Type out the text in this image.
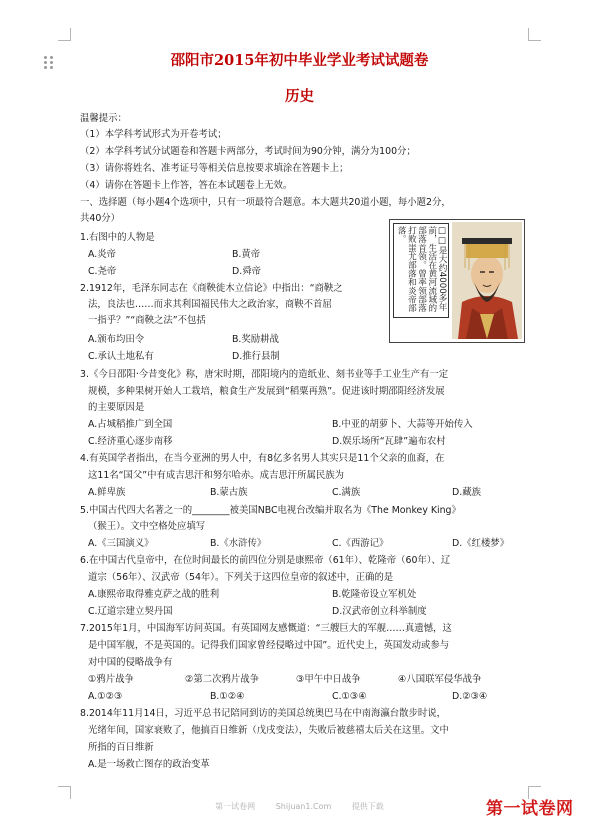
邵阳市2015年初中毕业学业考试试题卷
历史
温馨提示：
（1）本学科考试形式为开卷考试；
（2）本学科考试分试题卷和答题卡两部分，考试时间为90分钟，满分为100分；
（3）请你将姓名、准考证号等相关信息按要求填涂在答题卡上；
（4）请你在答题卡上作答，答在本试题卷上无效。
一、选择题（每小题4个选项中，只有一项最符合题意。本大题共20道小题，每小题2分，
共40分）
□□是大约4000多年前，生活在黄河流域的部落首领。曾率领部落打败蚩尤部落和炎帝部落。
1.右图中的人物是
A.炎帝	B.黄帝
C.尧帝	D.舜帝
2.1912年，毛泽东同志在《商鞅徙木立信论》中指出：“商鞅之
法，良法也……而求其利国福民伟大之政治家，商鞅不首屈
一指乎？”“商鞅之法”不包括
A.颁布均田令	B.奖励耕战
C.承认土地私有	D.推行县制
3.《今日邵阳·今昔变化》称，唐宋时期，邵阳境内的造纸业、刻书业等手工业生产有一定
规模，多种果树开始人工栽培，粮食生产发展到“稻粟再熟”。促进该时期邵阳经济发展
的主要原因是
A.占城稻推广到全国	B.中亚的胡萝卜、大蒜等开始传入
C.经济重心逐步南移	D.娱乐场所“瓦肆”遍布农村
4.有英国学者指出，在当今亚洲的男人中，有8亿多名男人其实只是11个父亲的血裔，在
这11名“国父”中有成吉思汗和努尔哈赤。成吉思汗所属民族为
A.鲜卑族	B.蒙古族	C.满族	D.藏族
5.中国古代四大名著之一的________被美国NBC电视台改编并取名为《The Monkey King》
（猴王）。文中空格处应填写
A.《三国演义》	B.《水浒传》	C.《西游记》	D.《红楼梦》
6.在中国古代皇帝中，在位时间最长的前四位分别是康熙帝（61年）、乾隆帝（60年）、辽
道宗（56年）、汉武帝（54年）。下列关于这四位皇帝的叙述中，正确的是
A.康熙帝取得雅克萨之战的胜利	B.乾隆帝设立军机处
C.辽道宗建立契丹国	D.汉武帝创立科举制度
7.2015年1月，中国海军访问英国。有英国网友感慨道：“三艘巨大的军舰……真遗憾，这
是中国军舰，不是英国的。记得我们国家曾经侵略过中国”。近代史上，英国发动或参与
对中国的侵略战争有
①鸦片战争	②第二次鸦片战争	③甲午中日战争	④八国联军侵华战争
A.①②③	B.①②④	C.①③④	D.②③④
8.2014年11月14日，习近平总书记陪同到访的美国总统奥巴马在中南海瀛台散步时说，
光绪年间，国家衰败了，他搞百日维新（戊戌变法），失败后被慈禧太后关在这里。文中
所指的百日维新
A.是一场救亡图存的政治变革
第一试卷网	Shijuan1.Com	提供下载	第一试卷网
